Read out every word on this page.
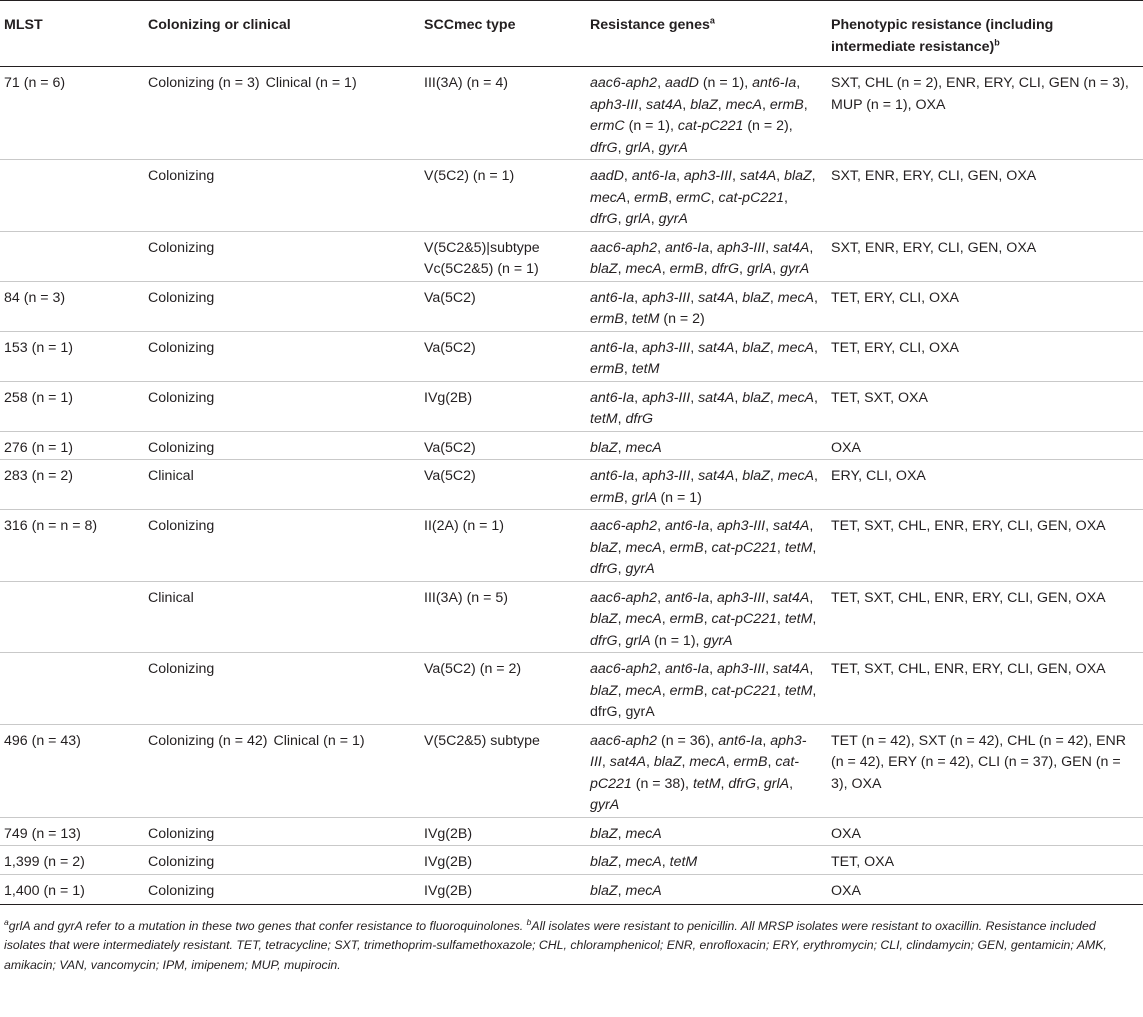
MLST	Colonizing or clinical	SCCmec type	Resistance genes$^a$	Phenotypic resistance (including intermediate resistance)$^b$
71 (n = 6)	Colonizing (n = 3) Clinical (n = 1)	III(3A) (n = 4)	aac6-aph2, aadD (n = 1), ant6-Ia, aph3-III, sat4A, blaZ, mecA, ermB, ermC (n = 1), cat-pC221 (n = 2), dfrG, grlA, gyrA	SXT, CHL (n = 2), ENR, ERY, CLI, GEN (n = 3), MUP (n = 1), OXA
	Colonizing	V(5C2) (n = 1)	aadD, ant6-Ia, aph3-III, sat4A, blaZ, mecA, ermB, ermC, cat-pC221, dfrG, grlA, gyrA	SXT, ENR, ERY, CLI, GEN, OXA
	Colonizing	V(5C2&5)|subtype Vc(5C2&5) (n = 1)	aac6-aph2, ant6-Ia, aph3-III, sat4A, blaZ, mecA, ermB, dfrG, grlA, gyrA	SXT, ENR, ERY, CLI, GEN, OXA
84 (n = 3)	Colonizing	Va(5C2)	ant6-Ia, aph3-III, sat4A, blaZ, mecA, ermB, tetM (n = 2)	TET, ERY, CLI, OXA
153 (n = 1)	Colonizing	Va(5C2)	ant6-Ia, aph3-III, sat4A, blaZ, mecA, ermB, tetM	TET, ERY, CLI, OXA
258 (n = 1)	Colonizing	IVg(2B)	ant6-Ia, aph3-III, sat4A, blaZ, mecA, tetM, dfrG	TET, SXT, OXA
276 (n = 1)	Colonizing	Va(5C2)	blaZ, mecA	OXA
283 (n = 2)	Clinical	Va(5C2)	ant6-Ia, aph3-III, sat4A, blaZ, mecA, ermB, grlA (n = 1)	ERY, CLI, OXA
316 (n = n = 8)	Colonizing	II(2A) (n = 1)	aac6-aph2, ant6-Ia, aph3-III, sat4A, blaZ, mecA, ermB, cat-pC221, tetM, dfrG, gyrA	TET, SXT, CHL, ENR, ERY, CLI, GEN, OXA
	Clinical	III(3A) (n = 5)	aac6-aph2, ant6-Ia, aph3-III, sat4A, blaZ, mecA, ermB, cat-pC221, tetM, dfrG, grlA (n = 1), gyrA	TET, SXT, CHL, ENR, ERY, CLI, GEN, OXA
	Colonizing	Va(5C2) (n = 2)	aac6-aph2, ant6-Ia, aph3-III, sat4A, blaZ, mecA, ermB, cat-pC221, tetM, dfrG, gyrA	TET, SXT, CHL, ENR, ERY, CLI, GEN, OXA
496 (n = 43)	Colonizing (n = 42) Clinical (n = 1)	V(5C2&5) subtype	aac6-aph2 (n = 36), ant6-Ia, aph3-III, sat4A, blaZ, mecA, ermB, cat-pC221 (n = 38), tetM, dfrG, grlA, gyrA	TET (n = 42), SXT (n = 42), CHL (n = 42), ENR (n = 42), ERY (n = 42), CLI (n = 37), GEN (n = 3), OXA
749 (n = 13)	Colonizing	IVg(2B)	blaZ, mecA	OXA
1,399 (n = 2)	Colonizing	IVg(2B)	blaZ, mecA, tetM	TET, OXA
1,400 (n = 1)	Colonizing	IVg(2B)	blaZ, mecA	OXA

$^a$grlA and gyrA refer to a mutation in these two genes that confer resistance to fluoroquinolones. $^b$All isolates were resistant to penicillin. All MRSP isolates were resistant to oxacillin. Resistance included isolates that were intermediately resistant. TET, tetracycline; SXT, trimethoprim-sulfamethoxazole; CHL, chloramphenicol; ENR, enrofloxacin; ERY, erythromycin; CLI, clindamycin; GEN, gentamicin; AMK, amikacin; VAN, vancomycin; IPM, imipenem; MUP, mupirocin.
